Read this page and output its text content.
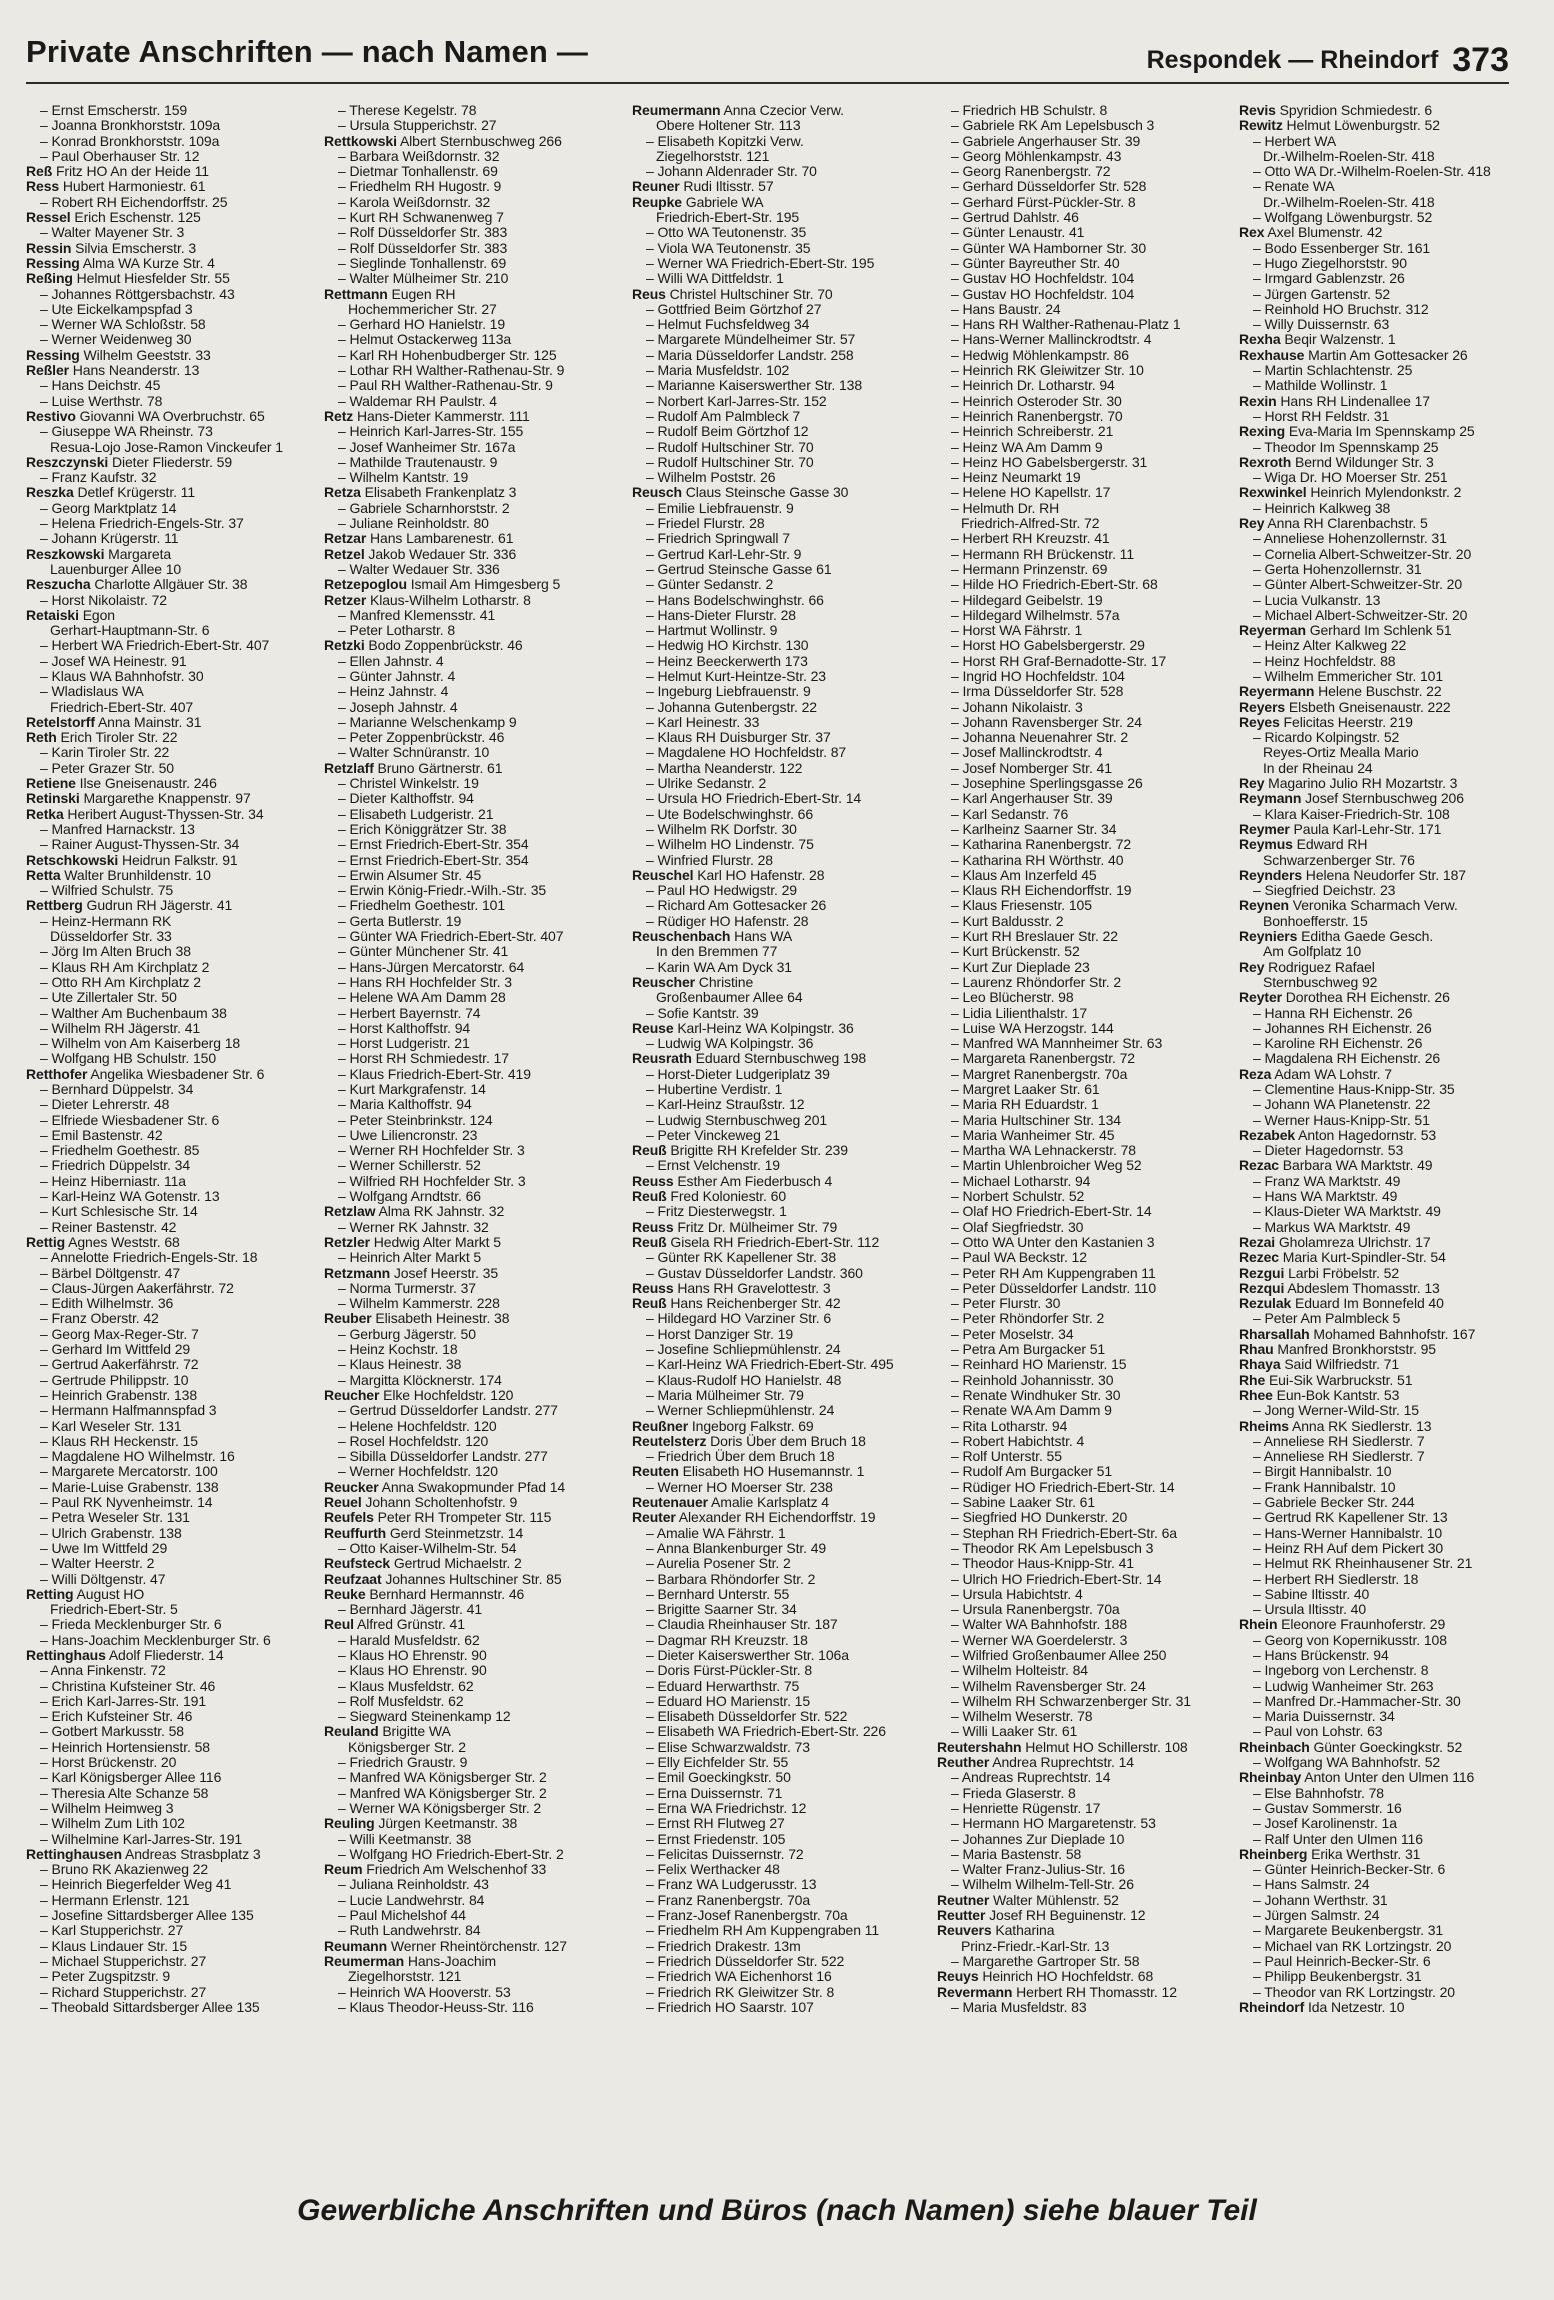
Private Anschriften — nach Namen —	Respondek — Rheindorf 373
– Ernst Emscherstr. 159
– Joanna Bronkhorststr. 109a
– Konrad Bronkhorststr. 109a
– Paul Oberhauser Str. 12
Reß Fritz HO An der Heide 11
Ress Hubert Harmoniestr. 61
– Robert RH Eichendorffstr. 25
Ressel Erich Eschenstr. 125
– Walter Mayener Str. 3
Ressin Silvia Emscherstr. 3
Ressing Alma WA Kurze Str. 4
Reßing Helmut Hiesfelder Str. 55
– Johannes Röttgersbachstr. 43
– Ute Eickelkampspfad 3
– Werner WA Schloßstr. 58
– Werner Weidenweg 30
Ressing Wilhelm Geeststr. 33
Reßler Hans Neanderstr. 13
– Hans Deichstr. 45
– Luise Werthstr. 78
Restivo Giovanni WA Overbruchstr. 65
– Giuseppe WA Rheinstr. 73
Resua-Lojo Jose-Ramon Vinckeufer 1
Reszczynski Dieter Fliederstr. 59
– Franz Kaufstr. 32
Reszka Detlef Krügerstr. 11
– Georg Marktplatz 14
– Helena Friedrich-Engels-Str. 37
– Johann Krügerstr. 11
Reszkowski Margareta
Lauenburger Allee 10
Reszucha Charlotte Allgäuer Str. 38
– Horst Nikolaistr. 72
Retaiski Egon
Gerhart-Hauptmann-Str. 6
– Herbert WA Friedrich-Ebert-Str. 407
– Josef WA Heinestr. 91
– Klaus WA Bahnhofstr. 30
– Wladislaus WA
Friedrich-Ebert-Str. 407
Retelstorff Anna Mainstr. 31
Reth Erich Tiroler Str. 22
– Karin Tiroler Str. 22
– Peter Grazer Str. 50
Retiene Ilse Gneisenaustr. 246
Retinski Margarethe Knappenstr. 97
Retka Heribert August-Thyssen-Str. 34
– Manfred Harnackstr. 13
– Rainer August-Thyssen-Str. 34
Retschkowski Heidrun Falkstr. 91
Retta Walter Brunhildenstr. 10
– Wilfried Schulstr. 75
Rettberg Gudrun RH Jägerstr. 41
– Heinz-Hermann RK
Düsseldorfer Str. 33
– Jörg Im Alten Bruch 38
– Klaus RH Am Kirchplatz 2
– Otto RH Am Kirchplatz 2
– Ute Zillertaler Str. 50
– Walther Am Buchenbaum 38
– Wilhelm RH Jägerstr. 41
– Wilhelm von Am Kaiserberg 18
– Wolfgang HB Schulstr. 150
Retthofer Angelika Wiesbadener Str. 6
– Bernhard Düppelstr. 34
– Dieter Lehrerstr. 48
– Elfriede Wiesbadener Str. 6
– Emil Bastenstr. 42
– Friedhelm Goethestr. 85
– Friedrich Düppelstr. 34
– Heinz Hiberniastr. 11a
– Karl-Heinz WA Gotenstr. 13
– Kurt Schlesische Str. 14
– Reiner Bastenstr. 42
Rettig Agnes Weststr. 68
– Annelotte Friedrich-Engels-Str. 18
– Bärbel Döltgenstr. 47
– Claus-Jürgen Aakerfährstr. 72
– Edith Wilhelmstr. 36
– Franz Oberstr. 42
– Georg Max-Reger-Str. 7
– Gerhard Im Wittfeld 29
– Gertrud Aakerfährstr. 72
– Gertrude Philippstr. 10
– Heinrich Grabenstr. 138
– Hermann Halfmannspfad 3
– Karl Weseler Str. 131
– Klaus RH Heckenstr. 15
– Magdalene HO Wilhelmstr. 16
– Margarete Mercatorstr. 100
– Marie-Luise Grabenstr. 138
– Paul RK Nyvenheimstr. 14
– Petra Weseler Str. 131
– Ulrich Grabenstr. 138
– Uwe Im Wittfeld 29
– Walter Heerstr. 2
– Willi Döltgenstr. 47
Retting August HO
Friedrich-Ebert-Str. 5
– Frieda Mecklenburger Str. 6
– Hans-Joachim Mecklenburger Str. 6
Rettinghaus Adolf Fliederstr. 14
– Anna Finkenstr. 72
– Christina Kufsteiner Str. 46
– Erich Karl-Jarres-Str. 191
– Erich Kufsteiner Str. 46
– Gotbert Markusstr. 58
– Heinrich Hortensienstr. 58
– Horst Brückenstr. 20
– Karl Königsberger Allee 116
– Theresia Alte Schanze 58
– Wilhelm Heimweg 3
– Wilhelm Zum Lith 102
– Wilhelmine Karl-Jarres-Str. 191
Rettinghausen Andreas Strasbplatz 3
– Bruno RK Akazienweg 22
– Heinrich Biegerfelder Weg 41
– Hermann Erlenstr. 121
– Josefine Sittardsberger Allee 135
– Karl Stupperichstr. 27
– Klaus Lindauer Str. 15
– Michael Stupperichstr. 27
– Peter Zugspitzstr. 9
– Richard Stupperichstr. 27
– Theobald Sittardsberger Allee 135
– Therese Kegelstr. 78
– Ursula Stupperichstr. 27
Rettkowski Albert Sternbuschweg 266
– Barbara Weißdornstr. 32
– Dietmar Tonhallenstr. 69
– Friedhelm RH Hugostr. 9
– Karola Weißdornstr. 32
– Kurt RH Schwanenweg 7
– Rolf Düsseldorfer Str. 383
– Rolf Düsseldorfer Str. 383
– Sieglinde Tonhallenstr. 69
– Walter Mülheimer Str. 210
Rettmann Eugen RH
Hochemmericher Str. 27
– Gerhard HO Hanielstr. 19
– Helmut Ostackerweg 113a
– Karl RH Hohenbudberger Str. 125
– Lothar RH Walther-Rathenau-Str. 9
– Paul RH Walther-Rathenau-Str. 9
– Waldemar RH Paulstr. 4
Retz Hans-Dieter Kammerstr. 111
– Heinrich Karl-Jarres-Str. 155
– Josef Wanheimer Str. 167a
– Mathilde Trautenaustr. 9
– Wilhelm Kantstr. 19
Retza Elisabeth Frankenplatz 3
– Gabriele Scharnhorststr. 2
– Juliane Reinholdstr. 80
Retzar Hans Lambarenestr. 61
Retzel Jakob Wedauer Str. 336
– Walter Wedauer Str. 336
Retzepoglou Ismail Am Himgesberg 5
Retzer Klaus-Wilhelm Lotharstr. 8
– Manfred Klemensstr. 41
– Peter Lotharstr. 8
Retzki Bodo Zoppenbrückstr. 46
– Ellen Jahnstr. 4
– Günter Jahnstr. 4
– Heinz Jahnstr. 4
– Joseph Jahnstr. 4
– Marianne Welschenkamp 9
– Peter Zoppenbrückstr. 46
– Walter Schnüranstr. 10
Retzlaff Bruno Gärtnerstr. 61
– Christel Winkelstr. 19
– Dieter Kalthoffstr. 94
– Elisabeth Ludgeristr. 21
– Erich Königgrätzer Str. 38
– Ernst Friedrich-Ebert-Str. 354
– Ernst Friedrich-Ebert-Str. 354
– Erwin Alsumer Str. 45
– Erwin König-Friedr.-Wilh.-Str. 35
– Friedhelm Goethestr. 101
– Gerta Butlerstr. 19
– Günter WA Friedrich-Ebert-Str. 407
– Günter Münchener Str. 41
– Hans-Jürgen Mercatorstr. 64
– Hans RH Hochfelder Str. 3
– Helene WA Am Damm 28
– Herbert Bayernstr. 74
– Horst Kalthoffstr. 94
– Horst Ludgeristr. 21
– Horst RH Schmiedestr. 17
– Klaus Friedrich-Ebert-Str. 419
– Kurt Markgrafenstr. 14
– Maria Kalthoffstr. 94
– Peter Steinbrinkstr. 124
– Uwe Liliencronstr. 23
– Werner RH Hochfelder Str. 3
– Werner Schillerstr. 52
– Wilfried RH Hochfelder Str. 3
– Wolfgang Arndtstr. 66
Retzlaw Alma RK Jahnstr. 32
– Werner RK Jahnstr. 32
Retzler Hedwig Alter Markt 5
– Heinrich Alter Markt 5
Retzmann Josef Heerstr. 35
– Norma Turmerstr. 37
– Wilhelm Kammerstr. 228
Reuber Elisabeth Heinestr. 38
– Gerburg Jägerstr. 50
– Heinz Kochstr. 18
– Klaus Heinestr. 38
– Margitta Klöcknerstr. 174
Reucher Elke Hochfeldstr. 120
– Gertrud Düsseldorfer Landstr. 277
– Helene Hochfeldstr. 120
– Rosel Hochfeldstr. 120
– Sibilla Düsseldorfer Landstr. 277
– Werner Hochfeldstr. 120
Reucker Anna Swakopmunder Pfad 14
Reuel Johann Scholtenhofstr. 9
Reufels Peter RH Trompeter Str. 115
Reuffurth Gerd Steinmetzstr. 14
– Otto Kaiser-Wilhelm-Str. 54
Reufsteck Gertrud Michaelstr. 2
Reufzaat Johannes Hultschiner Str. 85
Reuke Bernhard Hermannstr. 46
– Bernhard Jägerstr. 41
Reul Alfred Grünstr. 41
– Harald Musfeldstr. 62
– Klaus HO Ehrenstr. 90
– Klaus HO Ehrenstr. 90
– Klaus Musfeldstr. 62
– Rolf Musfeldstr. 62
– Siegward Steinenkamp 12
Reuland Brigitte WA
Königsberger Str. 2
– Friedrich Graustr. 9
– Manfred WA Königsberger Str. 2
– Manfred WA Königsberger Str. 2
– Werner WA Königsberger Str. 2
Reuling Jürgen Keetmanstr. 38
– Willi Keetmanstr. 38
– Wolfgang HO Friedrich-Ebert-Str. 2
Reum Friedrich Am Welschenhof 33
– Juliana Reinholdstr. 43
– Lucie Landwehrstr. 84
– Paul Michelshof 44
– Ruth Landwehrstr. 84
Reumann Werner Rheintörchenstr. 127
Reumerman Hans-Joachim
Ziegelhorststr. 121
– Heinrich WA Hooverstr. 53
– Klaus Theodor-Heuss-Str. 116
Reumermann Anna Czecior Verw.
Obere Holtener Str. 113
– Elisabeth Kopitzki Verw.
Ziegelhorststr. 121
– Johann Aldenrader Str. 70
Reuner Rudi Iltisstr. 57
Reupke Gabriele WA
Friedrich-Ebert-Str. 195
– Otto WA Teutonenstr. 35
– Viola WA Teutonenstr. 35
– Werner WA Friedrich-Ebert-Str. 195
– Willi WA Dittfeldstr. 1
Reus Christel Hultschiner Str. 70
– Gottfried Beim Görtzhof 27
– Helmut Fuchsfeldweg 34
– Margarete Mündelheimer Str. 57
– Maria Düsseldorfer Landstr. 258
– Maria Musfeldstr. 102
– Marianne Kaiserswerther Str. 138
– Norbert Karl-Jarres-Str. 152
– Rudolf Am Palmbleck 7
– Rudolf Beim Görtzhof 12
– Rudolf Hultschiner Str. 70
– Rudolf Hultschiner Str. 70
– Wilhelm Poststr. 26
Reusch Claus Steinsche Gasse 30
– Emilie Liebfrauenstr. 9
– Friedel Flurstr. 28
– Friedrich Springwall 7
– Gertrud Karl-Lehr-Str. 9
– Gertrud Steinsche Gasse 61
– Günter Sedanstr. 2
– Hans Bodelschwinghstr. 66
– Hans-Dieter Flurstr. 28
– Hartmut Wollinstr. 9
– Hedwig HO Kirchstr. 130
– Heinz Beeckerwerth 173
– Helmut Kurt-Heintze-Str. 23
– Ingeburg Liebfrauenstr. 9
– Johanna Gutenbergstr. 22
– Karl Heinestr. 33
– Klaus RH Duisburger Str. 37
– Magdalene HO Hochfeldstr. 87
– Martha Neanderstr. 122
– Ulrike Sedanstr. 2
– Ursula HO Friedrich-Ebert-Str. 14
– Ute Bodelschwinghstr. 66
– Wilhelm RK Dorfstr. 30
– Wilhelm HO Lindenstr. 75
– Winfried Flurstr. 28
Reuschel Karl HO Hafenstr. 28
– Paul HO Hedwigstr. 29
– Richard Am Gottesacker 26
– Rüdiger HO Hafenstr. 28
Reuschenbach Hans WA
In den Bremmen 77
– Karin WA Am Dyck 31
Reuscher Christine
Großenbaumer Allee 64
– Sofie Kantstr. 39
Reuse Karl-Heinz WA Kolpingstr. 36
– Ludwig WA Kolpingstr. 36
Reusrath Eduard Sternbuschweg 198
– Horst-Dieter Ludgeriplatz 39
– Hubertine Verdistr. 1
– Karl-Heinz Straußstr. 12
– Ludwig Sternbuschweg 201
– Peter Vinckeweg 21
Reuß Brigitte RH Krefelder Str. 239
– Ernst Velchenstr. 19
Reuss Esther Am Fiederbusch 4
Reuß Fred Koloniestr. 60
– Fritz Diesterwegstr. 1
Reuss Fritz Dr. Mülheimer Str. 79
Reuß Gisela RH Friedrich-Ebert-Str. 112
– Günter RK Kapellener Str. 38
– Gustav Düsseldorfer Landstr. 360
Reuss Hans RH Gravelottestr. 3
Reuß Hans Reichenberger Str. 42
– Hildegard HO Varziner Str. 6
– Horst Danziger Str. 19
– Josefine Schliepmühlenstr. 24
– Karl-Heinz WA Friedrich-Ebert-Str. 495
– Klaus-Rudolf HO Hanielstr. 48
– Maria Mülheimer Str. 79
– Werner Schliepmühlenstr. 24
Reußner Ingeborg Falkstr. 69
Reutelsterz Doris Über dem Bruch 18
– Friedrich Über dem Bruch 18
Reuten Elisabeth HO Husemannstr. 1
– Werner HO Moerser Str. 238
Reutenauer Amalie Karlsplatz 4
Reuter Alexander RH Eichendorffstr. 19
– Amalie WA Fährstr. 1
– Anna Blankenburger Str. 49
– Aurelia Posener Str. 2
– Barbara Rhöndorfer Str. 2
– Bernhard Unterstr. 55
– Brigitte Saarner Str. 34
– Claudia Rheinhauser Str. 187
– Dagmar RH Kreuzstr. 18
– Dieter Kaiserswerther Str. 106a
– Doris Fürst-Pückler-Str. 8
– Eduard Herwarthstr. 75
– Eduard HO Marienstr. 15
– Elisabeth Düsseldorfer Str. 522
– Elisabeth WA Friedrich-Ebert-Str. 226
– Elise Schwarzwaldstr. 73
– Elly Eichfelder Str. 55
– Emil Goeckingkstr. 50
– Erna Duissernstr. 71
– Erna WA Friedrichstr. 12
– Ernst RH Flutweg 27
– Ernst Friedenstr. 105
– Felicitas Duissernstr. 72
– Felix Werthacker 48
– Franz WA Ludgerusstr. 13
– Franz Ranenbergstr. 70a
– Franz-Josef Ranenbergstr. 70a
– Friedhelm RH Am Kuppengraben 11
– Friedrich Drakestr. 13m
– Friedrich Düsseldorfer Str. 522
– Friedrich WA Eichenhorst 16
– Friedrich RK Gleiwitzer Str. 8
– Friedrich HO Saarstr. 107
– Friedrich HB Schulstr. 8
– Gabriele RK Am Lepelsbusch 3
– Gabriele Angerhauser Str. 39
– Georg Möhlenkampstr. 43
– Georg Ranenbergstr. 72
– Gerhard Düsseldorfer Str. 528
– Gerhard Fürst-Pückler-Str. 8
– Gertrud Dahlstr. 46
– Günter Lenaustr. 41
– Günter WA Hamborner Str. 30
– Günter Bayreuther Str. 40
– Gustav HO Hochfeldstr. 104
– Gustav HO Hochfeldstr. 104
– Hans Baustr. 24
– Hans RH Walther-Rathenau-Platz 1
– Hans-Werner Mallinckrodtstr. 4
– Hedwig Möhlenkampstr. 86
– Heinrich RK Gleiwitzer Str. 10
– Heinrich Dr. Lotharstr. 94
– Heinrich Osteroder Str. 30
– Heinrich Ranenbergstr. 70
– Heinrich Schreiberstr. 21
– Heinz WA Am Damm 9
– Heinz HO Gabelsbergerstr. 31
– Heinz Neumarkt 19
– Helene HO Kapellstr. 17
– Helmuth Dr. RH
Friedrich-Alfred-Str. 72
– Herbert RH Kreuzstr. 41
– Hermann RH Brückenstr. 11
– Hermann Prinzenstr. 69
– Hilde HO Friedrich-Ebert-Str. 68
– Hildegard Geibelstr. 19
– Hildegard Wilhelmstr. 57a
– Horst WA Fährstr. 1
– Horst HO Gabelsbergerstr. 29
– Horst RH Graf-Bernadotte-Str. 17
– Ingrid HO Hochfeldstr. 104
– Irma Düsseldorfer Str. 528
– Johann Nikolaistr. 3
– Johann Ravensberger Str. 24
– Johanna Neuenahrer Str. 2
– Josef Mallinckrodtstr. 4
– Josef Nomberger Str. 41
– Josephine Sperlingsgasse 26
– Karl Angerhauser Str. 39
– Karl Sedanstr. 76
– Karlheinz Saarner Str. 34
– Katharina Ranenbergstr. 72
– Katharina RH Wörthstr. 40
– Klaus Am Inzerfeld 45
– Klaus RH Eichendorffstr. 19
– Klaus Friesenstr. 105
– Kurt Baldusstr. 2
– Kurt RH Breslauer Str. 22
– Kurt Brückenstr. 52
– Kurt Zur Dieplade 23
– Laurenz Rhöndorfer Str. 2
– Leo Blücherstr. 98
– Lidia Lilienthalstr. 17
– Luise WA Herzogstr. 144
– Manfred WA Mannheimer Str. 63
– Margareta Ranenbergstr. 72
– Margret Ranenbergstr. 70a
– Margret Laaker Str. 61
– Maria RH Eduardstr. 1
– Maria Hultschiner Str. 134
– Maria Wanheimer Str. 45
– Martha WA Lehnackerstr. 78
– Martin Uhlenbroicher Weg 52
– Michael Lotharstr. 94
– Norbert Schulstr. 52
– Olaf HO Friedrich-Ebert-Str. 14
– Olaf Siegfriedstr. 30
– Otto WA Unter den Kastanien 3
– Paul WA Beckstr. 12
– Peter RH Am Kuppengraben 11
– Peter Düsseldorfer Landstr. 110
– Peter Flurstr. 30
– Peter Rhöndorfer Str. 2
– Peter Moselstr. 34
– Petra Am Burgacker 51
– Reinhard HO Marienstr. 15
– Reinhold Johannisstr. 30
– Renate Windhuker Str. 30
– Renate WA Am Damm 9
– Rita Lotharstr. 94
– Robert Habichtstr. 4
– Rolf Unterstr. 55
– Rudolf Am Burgacker 51
– Rüdiger HO Friedrich-Ebert-Str. 14
– Sabine Laaker Str. 61
– Siegfried HO Dunkerstr. 20
– Stephan RH Friedrich-Ebert-Str. 6a
– Theodor RK Am Lepelsbusch 3
– Theodor Haus-Knipp-Str. 41
– Ulrich HO Friedrich-Ebert-Str. 14
– Ursula Habichtstr. 4
– Ursula Ranenbergstr. 70a
– Walter WA Bahnhofstr. 188
– Werner WA Goerdelerstr. 3
– Wilfried Großenbaumer Allee 250
– Wilhelm Holteistr. 84
– Wilhelm Ravensberger Str. 24
– Wilhelm RH Schwarzenberger Str. 31
– Wilhelm Weserstr. 78
– Willi Laaker Str. 61
Reutershahn Helmut HO Schillerstr. 108
Reuther Andrea Ruprechtstr. 14
– Andreas Ruprechtstr. 14
– Frieda Glaserstr. 8
– Henriette Rügenstr. 17
– Hermann HO Margaretenstr. 53
– Johannes Zur Dieplade 10
– Maria Bastenstr. 58
– Walter Franz-Julius-Str. 16
– Wilhelm Wilhelm-Tell-Str. 26
Reutner Walter Mühlenstr. 52
Reutter Josef RH Beguinenstr. 12
Reuvers Katharina
Prinz-Friedr.-Karl-Str. 13
– Margarethe Gartroper Str. 58
Reuys Heinrich HO Hochfeldstr. 68
Revermann Herbert RH Thomasstr. 12
– Maria Musfeldstr. 83
Revis Spyridion Schmiedestr. 6
Rewitz Helmut Löwenburgstr. 52
– Herbert WA
Dr.-Wilhelm-Roelen-Str. 418
– Otto WA Dr.-Wilhelm-Roelen-Str. 418
– Renate WA
Dr.-Wilhelm-Roelen-Str. 418
– Wolfgang Löwenburgstr. 52
Rex Axel Blumenstr. 42
– Bodo Essenberger Str. 161
– Hugo Ziegelhorststr. 90
– Irmgard Gablenzstr. 26
– Jürgen Gartenstr. 52
– Reinhold HO Bruchstr. 312
– Willy Duissernstr. 63
Rexha Beqir Walzenstr. 1
Rexhause Martin Am Gottesacker 26
– Martin Schlachtenstr. 25
– Mathilde Wollinstr. 1
Rexin Hans RH Lindenallee 17
– Horst RH Feldstr. 31
Rexing Eva-Maria Im Spennskamp 25
– Theodor Im Spennskamp 25
Rexroth Bernd Wildunger Str. 3
– Wiga Dr. HO Moerser Str. 251
Rexwinkel Heinrich Mylendonkstr. 2
– Heinrich Kalkweg 38
Rey Anna RH Clarenbachstr. 5
– Anneliese Hohenzollernstr. 31
– Cornelia Albert-Schweitzer-Str. 20
– Gerta Hohenzollernstr. 31
– Günter Albert-Schweitzer-Str. 20
– Lucia Vulkanstr. 13
– Michael Albert-Schweitzer-Str. 20
Reyerman Gerhard Im Schlenk 51
– Heinz Alter Kalkweg 22
– Heinz Hochfeldstr. 88
– Wilhelm Emmericher Str. 101
Reyermann Helene Buschstr. 22
Reyers Elsbeth Gneisenaustr. 222
Reyes Felicitas Heerstr. 219
– Ricardo Kolpingstr. 52
Reyes-Ortiz Mealla Mario
In der Rheinau 24
Rey Magarino Julio RH Mozartstr. 3
Reymann Josef Sternbuschweg 206
– Klara Kaiser-Friedrich-Str. 108
Reymer Paula Karl-Lehr-Str. 171
Reymus Edward RH
Schwarzenberger Str. 76
Reynders Helena Neudorfer Str. 187
– Siegfried Deichstr. 23
Reynen Veronika Scharmach Verw.
Bonhoefferstr. 15
Reyniers Editha Gaede Gesch.
Am Golfplatz 10
Rey Rodriguez Rafael
Sternbuschweg 92
Reyter Dorothea RH Eichenstr. 26
– Hanna RH Eichenstr. 26
– Johannes RH Eichenstr. 26
– Karoline RH Eichenstr. 26
– Magdalena RH Eichenstr. 26
Reza Adam WA Lohstr. 7
– Clementine Haus-Knipp-Str. 35
– Johann WA Planetenstr. 22
– Werner Haus-Knipp-Str. 51
Rezabek Anton Hagedornstr. 53
– Dieter Hagedornstr. 53
Rezac Barbara WA Marktstr. 49
– Franz WA Marktstr. 49
– Hans WA Marktstr. 49
– Klaus-Dieter WA Marktstr. 49
– Markus WA Marktstr. 49
Rezai Gholamreza Ulrichstr. 17
Rezec Maria Kurt-Spindler-Str. 54
Rezgui Larbi Fröbelstr. 52
Rezqui Abdeslem Thomasstr. 13
Rezulak Eduard Im Bonnefeld 40
– Peter Am Palmbleck 5
Rharsallah Mohamed Bahnhofstr. 167
Rhau Manfred Bronkhorststr. 95
Rhaya Said Wilfriedstr. 71
Rhe Eui-Sik Warbruckstr. 51
Rhee Eun-Bok Kantstr. 53
– Jong Werner-Wild-Str. 15
Rheims Anna RK Siedlerstr. 13
– Anneliese RH Siedlerstr. 7
– Anneliese RH Siedlerstr. 7
– Birgit Hannibalstr. 10
– Frank Hannibalstr. 10
– Gabriele Becker Str. 244
– Gertrud RK Kapellener Str. 13
– Hans-Werner Hannibalstr. 10
– Heinz RH Auf dem Pickert 30
– Helmut RK Rheinhausener Str. 21
– Herbert RH Siedlerstr. 18
– Sabine Iltisstr. 40
– Ursula Iltisstr. 40
Rhein Eleonore Fraunhoferstr. 29
– Georg von Kopernikusstr. 108
– Hans Brückenstr. 94
– Ingeborg von Lerchenstr. 8
– Ludwig Wanheimer Str. 263
– Manfred Dr.-Hammacher-Str. 30
– Maria Duissernstr. 34
– Paul von Lohstr. 63
Rheinbach Günter Goeckingkstr. 52
– Wolfgang WA Bahnhofstr. 52
Rheinbay Anton Unter den Ulmen 116
– Else Bahnhofstr. 78
– Gustav Sommerstr. 16
– Josef Karolinenstr. 1a
– Ralf Unter den Ulmen 116
Rheinberg Erika Werthstr. 31
– Günter Heinrich-Becker-Str. 6
– Hans Salmstr. 24
– Johann Werthstr. 31
– Jürgen Salmstr. 24
– Margarete Beukenbergstr. 31
– Michael van RK Lortzingstr. 20
– Paul Heinrich-Becker-Str. 6
– Philipp Beukenbergstr. 31
– Theodor van RK Lortzingstr. 20
Rheindorf Ida Netzestr. 10
Gewerbliche Anschriften und Büros (nach Namen) siehe blauer Teil
